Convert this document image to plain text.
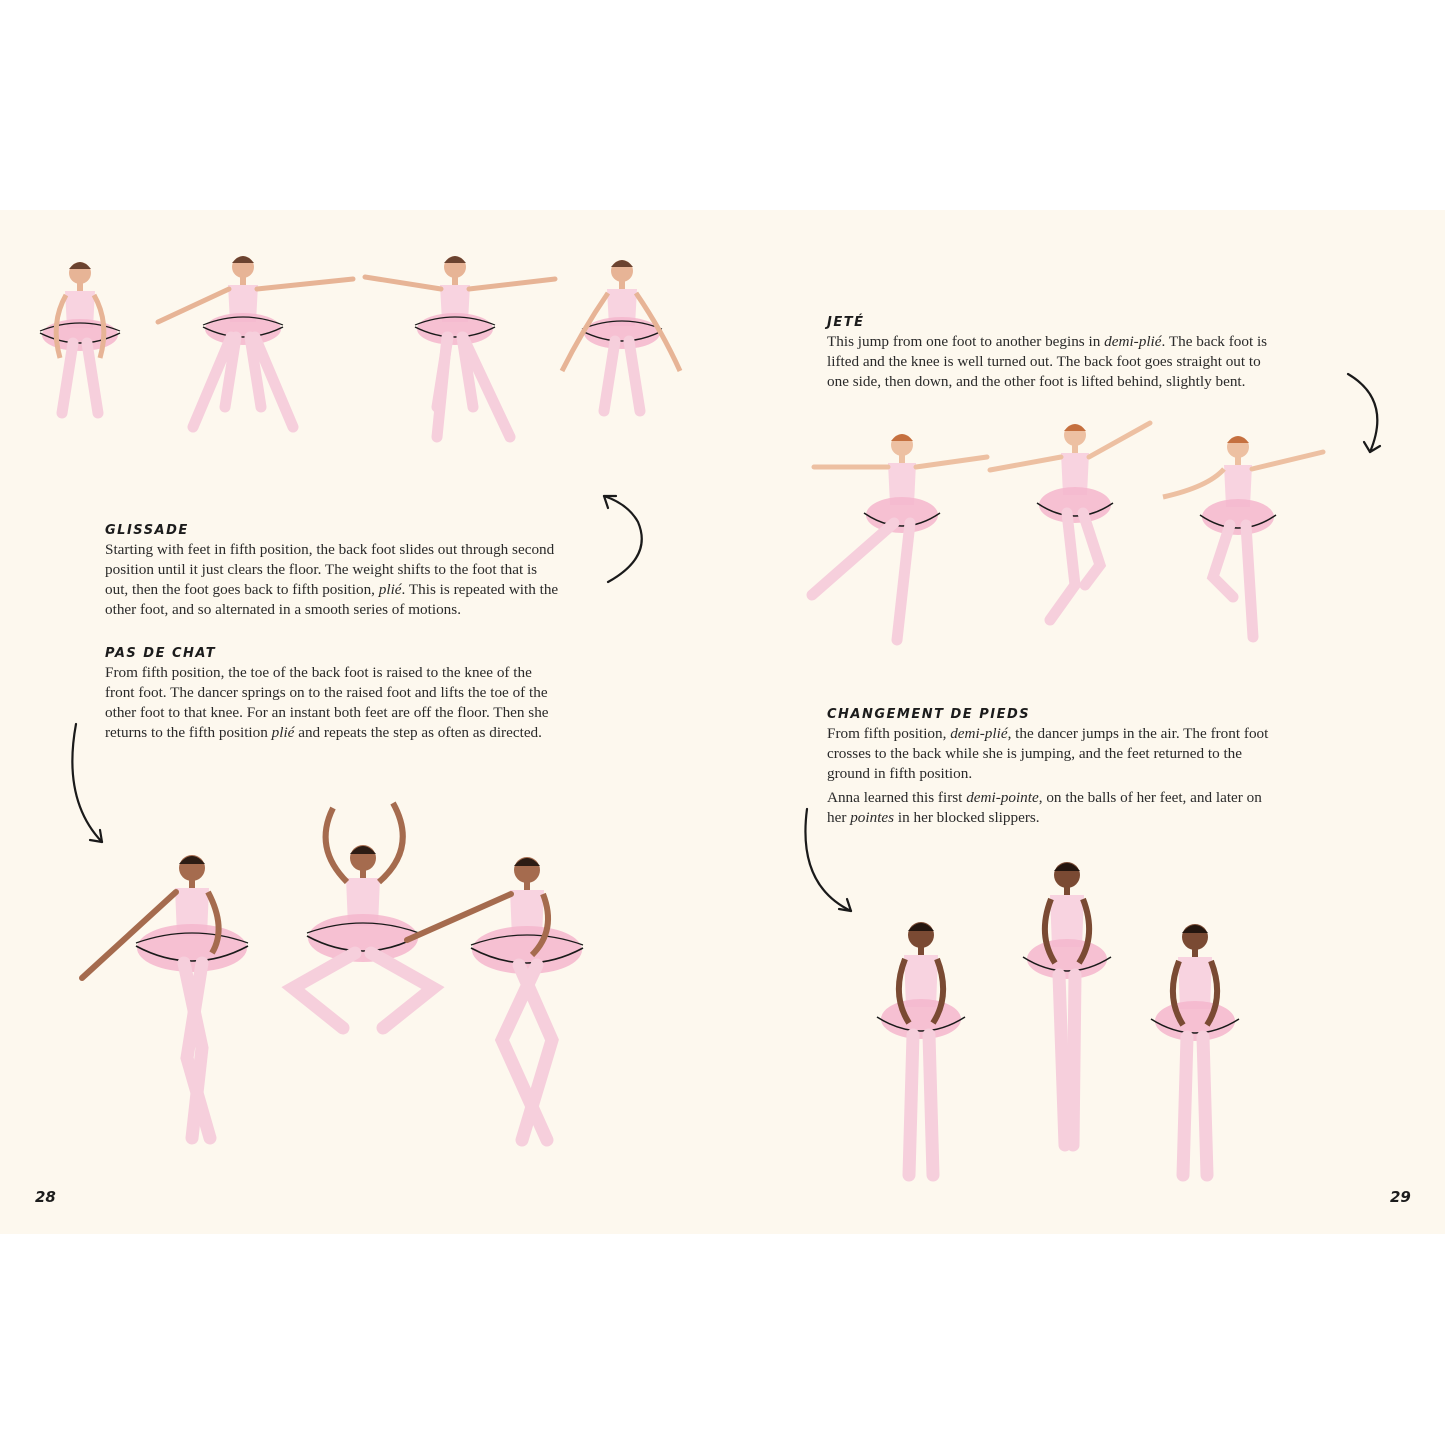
GLISSADE

Starting with feet in fifth position, the back foot slides out through second
position until it just clears the floor. The weight shifts to the foot that is
out, then the foot goes back to fifth position, plié. This is repeated with the
other foot, and so alternated in a smooth series of motions.

PAS DE CHAT

From fifth position, the toe of the back foot is raised to the knee of the
front foot. The dancer springs on to the raised foot and lifts the toe of the
other foot to that knee. For an instant both feet are off the floor. Then she
returns to the fifth position plié and repeats the step as often as directed.

28
JETÉ

This jump from one foot to another begins in demi-plié. The back foot is
lifted and the knee is well turned out. The back foot goes straight out to
one side, then down, and the other foot is lifted behind, slightly bent.

CHANGEMENT DE PIEDS

From fifth position, demi-plié, the dancer jumps in the air. The front foot
crosses to the back while she is jumping, and the feet returned to the
ground in fifth position.

Anna learned this first demi-pointe, on the balls of her feet, and later on
her pointes in her blocked slippers.

29
